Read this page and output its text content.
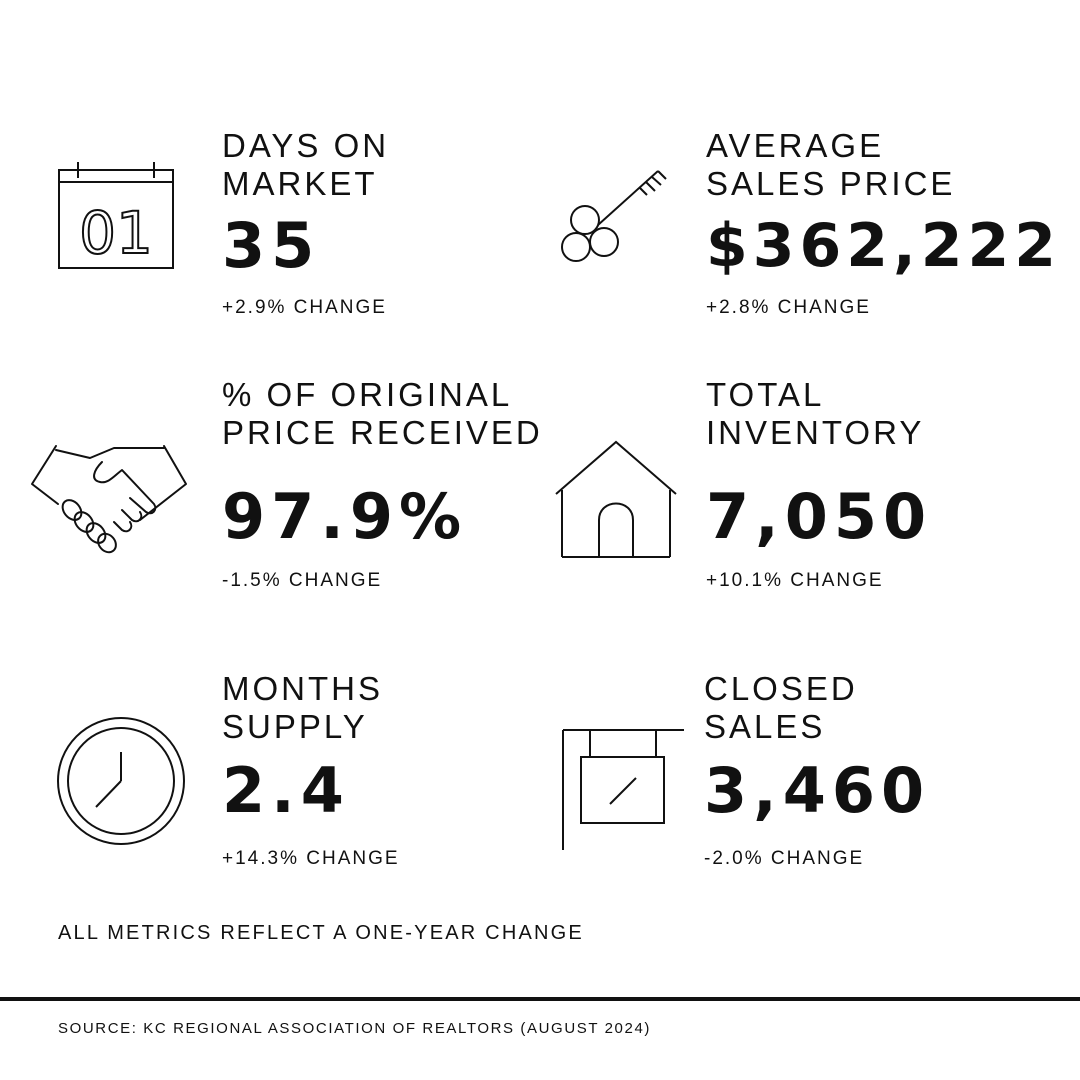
01
DAYS ON
MARKET
35
+2.9% CHANGE
AVERAGE
SALES PRICE
$362,222
+2.8% CHANGE
% OF ORIGINAL
PRICE RECEIVED
97.9%
-1.5% CHANGE
TOTAL
INVENTORY
7,050
+10.1% CHANGE
MONTHS
SUPPLY
2.4
+14.3% CHANGE
CLOSED
SALES
3,460
-2.0% CHANGE
ALL METRICS REFLECT A ONE-YEAR CHANGE
SOURCE: KC REGIONAL ASSOCIATION OF REALTORS (AUGUST 2024)
